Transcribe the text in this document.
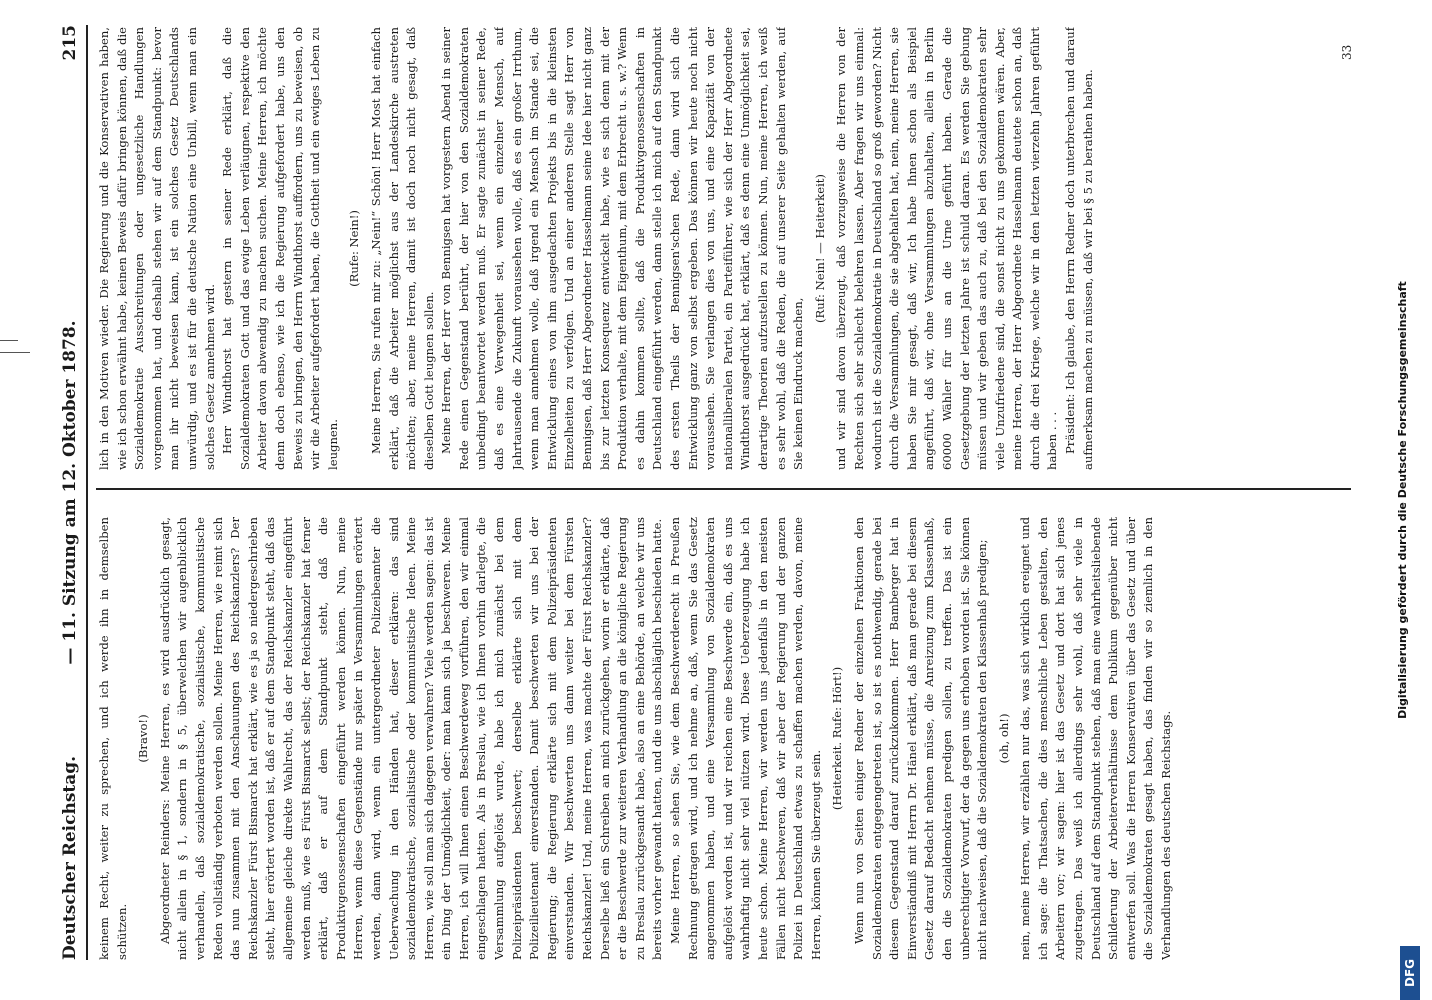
Deutscher Reichstag.
— 11. Sitzung am 12. Oktober 1878.
215

keinem Recht, weiter zu sprechen, und ich werde ihn in demselben schützen.

(Bravo!) Abgeordneter Reinders: Meine Herren, es wird ausdrücklich gesagt, nicht allein in § 1, sondern in § 5, überwelchen wir augenblicklich verhandeln, daß sozialdemokratische, sozialistische, kommunistische Reden vollständig verboten werden sollen. Meine Herren, wie reimt sich das nun zusammen mit den Anschauungen des Reichskanzlers? Der Reichskanzler Fürst Bismarck hat erklärt, wie es ja so niedergeschrieben steht, hier erörtert worden ist, daß er auf dem Standpunkt steht, daß das allgemeine gleiche direkte Wahlrecht, das der Reichskanzler eingeführt werden muß, wie es Fürst Bismarck selbst; der Reichskanzler hat ferner erklärt, daß er auf dem Standpunkt steht, daß die Produktivgenossenschaften eingeführt werden können. Nun, meine Herren, wenn diese Gegenstände nur später in Versammlungen erörtert werden, dann wird, wenn ein untergeordneter Polizeibeamter die Ueberwachung in den Händen hat, dieser erklären: das sind sozialdemokratische, sozialistische oder kommunistische Ideen. Meine Herren, wie soll man sich dagegen verwahren? Viele werden sagen: das ist ein Ding der Unmöglichkeit, oder: man kann sich ja beschweren. Meine Herren, ich will Ihnen einen Beschwerdeweg vorführen, den wir einmal eingeschlagen hatten. Als in Breslau, wie ich Ihnen vorhin darlegte, die Versammlung aufgelöst wurde, habe ich mich zunächst bei dem Polizeipräsidenten beschwert; derselbe erklärte sich mit dem Polizeilieutenant einverstanden. Damit beschwerten wir uns bei der Regierung; die Regierung erklärte sich mit dem Polizeipräsidenten einverstanden. Wir beschwerten uns dann weiter bei dem Fürsten Reichskanzler! Und, meine Herren, was machte der Fürst Reichskanzler? Derselbe ließ ein Schreiben an mich zurückgehen, worin er erklärte, daß er die Beschwerde zur weiteren Verhandlung an die königliche Regierung zu Breslau zurückgesandt habe, also an eine Behörde, an welche wir uns bereits vorher gewandt hatten, und die uns abschläglich beschieden hatte. Meine Herren, so sehen Sie, wie dem Beschwerderecht in Preußen Rechnung getragen wird, und ich nehme an, daß, wenn Sie das Gesetz angenommen haben, und eine Versammlung von Sozialdemokraten aufgelöst worden ist, und wir reichen eine Beschwerde ein, daß es uns wahrhaftig nicht sehr viel nützen wird. Diese Ueberzeugung habe ich heute schon. Meine Herren, wir werden uns jedenfalls in den meisten Fällen nicht beschweren, daß wir aber der Regierung und der ganzen Polizei in Deutschland etwas zu schaffen machen werden, davon, meine Herren, können Sie überzeugt sein.

(Heiterkeit. Rufe: Hört!) Wenn nun von Seiten einiger Redner der einzelnen Fraktionen den Sozialdemokraten entgegengetreten ist, so ist es nothwendig, gerade bei diesem Gegenstand darauf zurückzukommen. Herr Bamberger hat in Einverständniß mit Herrn Dr. Hänel erklärt, daß man gerade bei diesem Gesetz darauf Bedacht nehmen müsse, die Anreizung zum Klassenhaß, den die Sozialdemokraten predigen sollen, zu treffen. Das ist ein unberechtigter Vorwurf, der da gegen uns erhoben worden ist. Sie können nicht nachweisen, daß die Sozialdemokraten den Klassenhaß predigen; (oh, oh!) nein, meine Herren, wir erzählen nur das, was sich wirklich ereignet und ich sage: die Thatsachen, die dies menschliche Leben gestalten, den Arbeitern vor; wir sagen: hier ist das Gesetz und dort hat sich jenes zugetragen. Das weiß ich allerdings sehr wohl, daß sehr viele in Deutschland auf dem Standpunkt stehen, daß man eine wahrheitsliebende Schilderung der Arbeiterverhältnisse dem Publikum gegenüber nicht entwerfen soll. Was die Herren Konservativen über das Gesetz und über die Sozialdemokraten gesagt haben, das finden wir so ziemlich in den Verhandlungen des deutschen Reichstags.

lich in den Motiven wieder. Die Regierung und die Konservativen haben, wie ich schon erwähnt habe, keinen Beweis dafür bringen können, daß die Sozialdemokratie Ausschreitungen oder ungesetzliche Handlungen vorgenommen hat, und deshalb stehen wir auf dem Standpunkt: bevor man ihr nicht beweisen kann, ist ein solches Gesetz Deutschlands unwürdig, und es ist für die deutsche Nation eine Unbill, wenn man ein solches Gesetz annehmen wird. Herr Windthorst hat gestern in seiner Rede erklärt, daß die Sozialdemokraten Gott und das ewige Leben verläugnen, respektive den Arbeiter davon abwendig zu machen suchen. Meine Herren, ich möchte denn doch ebenso, wie ich die Regierung aufgefordert habe, uns den Beweis zu bringen, den Herrn Windthorst auffordern, uns zu beweisen, ob wir die Arbeiter aufgefordert haben, die Gottheit und ein ewiges Leben zu leugnen.

(Rufe: Nein!) Meine Herren, Sie rufen mir zu: „Nein!“ Schön! Herr Most hat einfach erklärt, daß die Arbeiter möglichst aus der Landeskirche austreten möchten; aber, meine Herren, damit ist doch noch nicht gesagt, daß dieselben Gott leugnen sollen. Meine Herren, der Herr von Bennigsen hat vorgestern Abend in seiner Rede einen Gegenstand berührt, der hier von den Sozialdemokraten unbedingt beantwortet werden muß. Er sagte zunächst in seiner Rede, daß es eine Verwegenheit sei, wenn ein einzelner Mensch, auf Jahrtausende die Zukunft voraussehen wolle, daß es ein großer Irrthum, wenn man annehmen wolle, daß irgend ein Mensch im Stande sei, die Entwicklung eines von ihm ausgedachten Projekts bis in die kleinsten Einzelheiten zu verfolgen. Und an einer anderen Stelle sagt Herr von Bennigsen, daß Herr Abgeordneter Hasselmann seine Idee hier nicht ganz bis zur letzten Konsequenz entwickelt habe, wie es sich denn mit der Produktion verhalte, mit dem Eigenthum, mit dem Erbrecht u. s. w.? Wenn es dahin kommen sollte, daß die Produktivgenossenschaften in Deutschland eingeführt werden, dann stelle ich mich auf den Standpunkt des ersten Theils der Bennigsen'schen Rede, dann wird sich die Entwicklung ganz von selbst ergeben. Das können wir heute noch nicht voraussehen. Sie verlangen dies von uns, und eine Kapazität von der nationalliberalen Partei, ein Parteiführer, wie sich der Herr Abgeordnete Windthorst ausgedrückt hat, erklärt, daß es denn eine Unmöglichkeit sei, derartige Theorien aufzustellen zu können. Nun, meine Herren, ich weiß es sehr wohl, daß die Reden, die auf unserer Seite gehalten werden, auf Sie keinen Eindruck machen,

(Ruf: Nein! — Heiterkeit) und wir sind davon überzeugt, daß vorzugsweise die Herren von der Rechten sich sehr schlecht belehren lassen. Aber fragen wir uns einmal: wodurch ist die Sozialdemokratie in Deutschland so groß geworden? Nicht durch die Versammlungen, die sie abgehalten hat, nein, meine Herren, sie haben Sie mir gesagt, daß wir, Ich habe Ihnen schon als Beispiel angeführt, daß wir, ohne Versammlungen abzuhalten, allein in Berlin 60000 Wähler für uns an die Urne geführt haben. Gerade die Gesetzgebung der letzten Jahre ist schuld daran. Es werden Sie gebung müssen und wir geben das auch zu, daß bei den Sozialdemokraten sehr viele Unzufriedene sind, die sonst nicht zu uns gekommen wären. Aber, meine Herren, der Herr Abgeordnete Hasselmann deutete schon an, daß durch die drei Kriege, welche wir in den letzten vierzehn Jahren geführt haben . . . Präsident: Ich glaube, den Herrn Redner doch unterbrechen und darauf aufmerksam machen zu müssen, daß wir bei § 5 zu berathen haben.

33
Digitalisierung gefördert durch die Deutsche Forschungsgemeinschaft
DFG
